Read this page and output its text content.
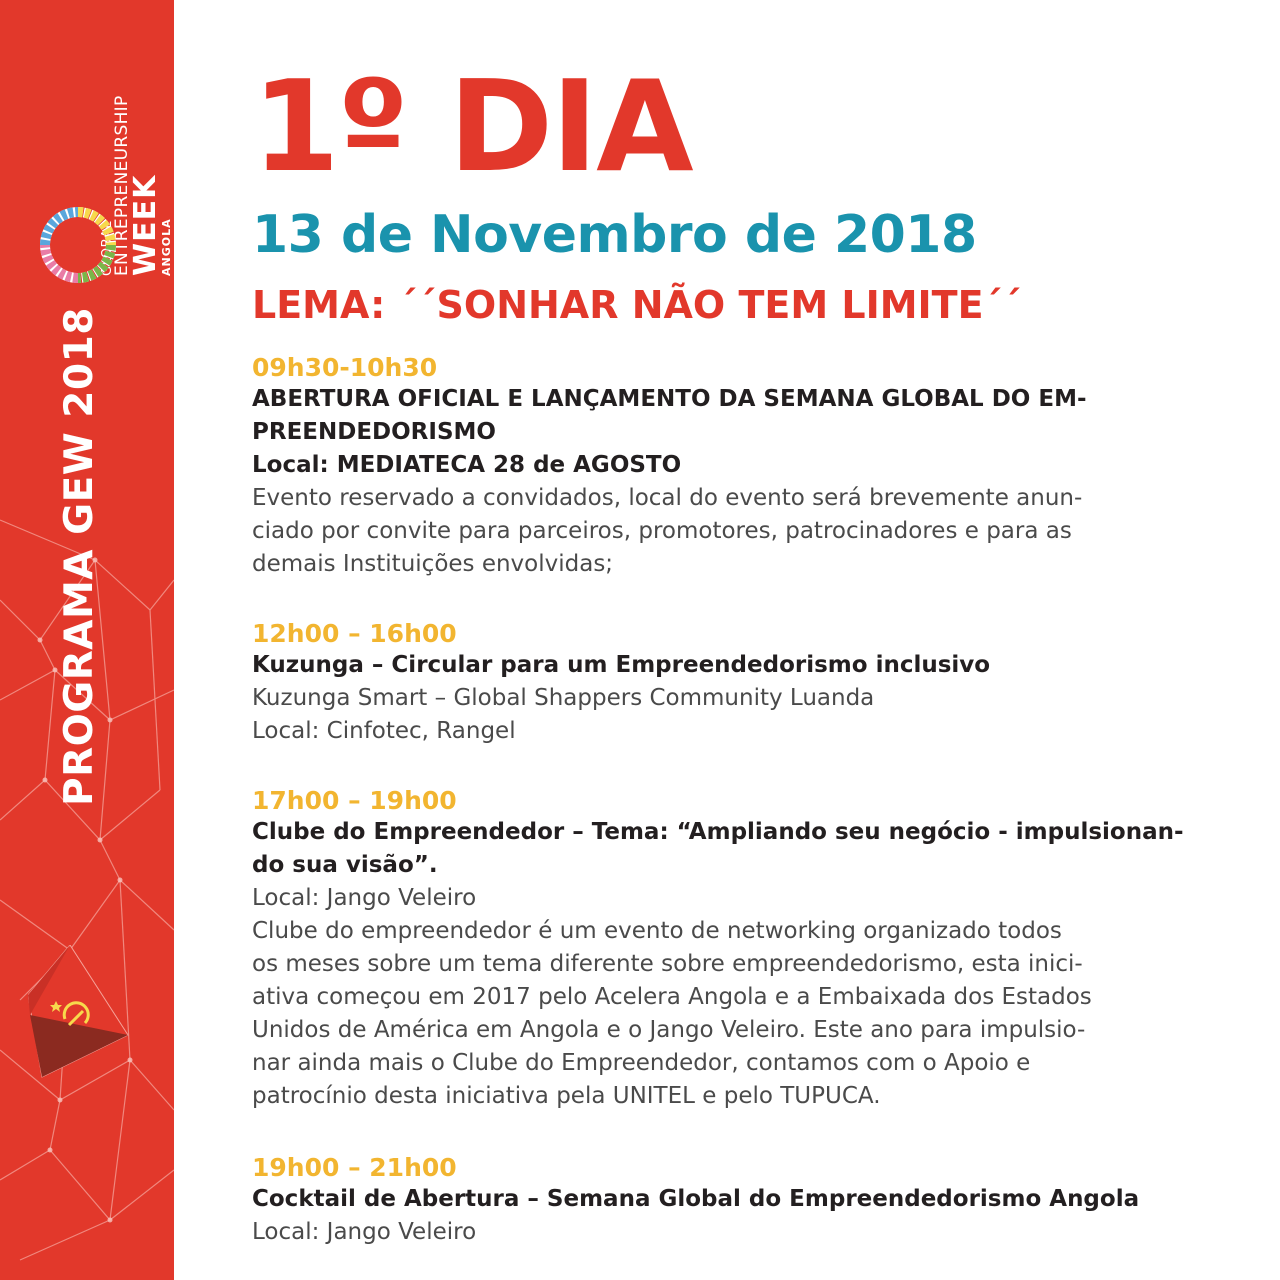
GLOBAL
ENTREPRENEURSHIP
WEEK
ANGOLA
PROGRAMA GEW 2018
1º DIA
13 de Novembro de 2018
LEMA: ´´SONHAR NÃO TEM LIMITE´´
09h30-10h30
ABERTURA OFICIAL E LANÇAMENTO DA SEMANA GLOBAL DO EM-
PREENDEDORISMO
Local: MEDIATECA 28 de AGOSTO
Evento reservado a convidados, local do evento será brevemente anun-
ciado por convite para parceiros, promotores, patrocinadores e para as
demais Instituições envolvidas;
12h00 – 16h00
Kuzunga – Circular para um Empreendedorismo inclusivo
Kuzunga Smart – Global Shappers Community Luanda
Local: Cinfotec, Rangel
17h00 – 19h00
Clube do Empreendedor – Tema: “Ampliando seu negócio - impulsionan-
do sua visão”.
Local: Jango Veleiro
Clube do empreendedor é um evento de networking organizado todos
os meses sobre um tema diferente sobre empreendedorismo, esta inici-
ativa começou em 2017 pelo Acelera Angola e a Embaixada dos Estados
Unidos de América em Angola e o Jango Veleiro. Este ano para impulsio-
nar ainda mais o Clube do Empreendedor, contamos com o Apoio e
patrocínio desta iniciativa pela UNITEL e pelo TUPUCA.
19h00 – 21h00
Cocktail de Abertura – Semana Global do Empreendedorismo Angola
Local: Jango Veleiro
